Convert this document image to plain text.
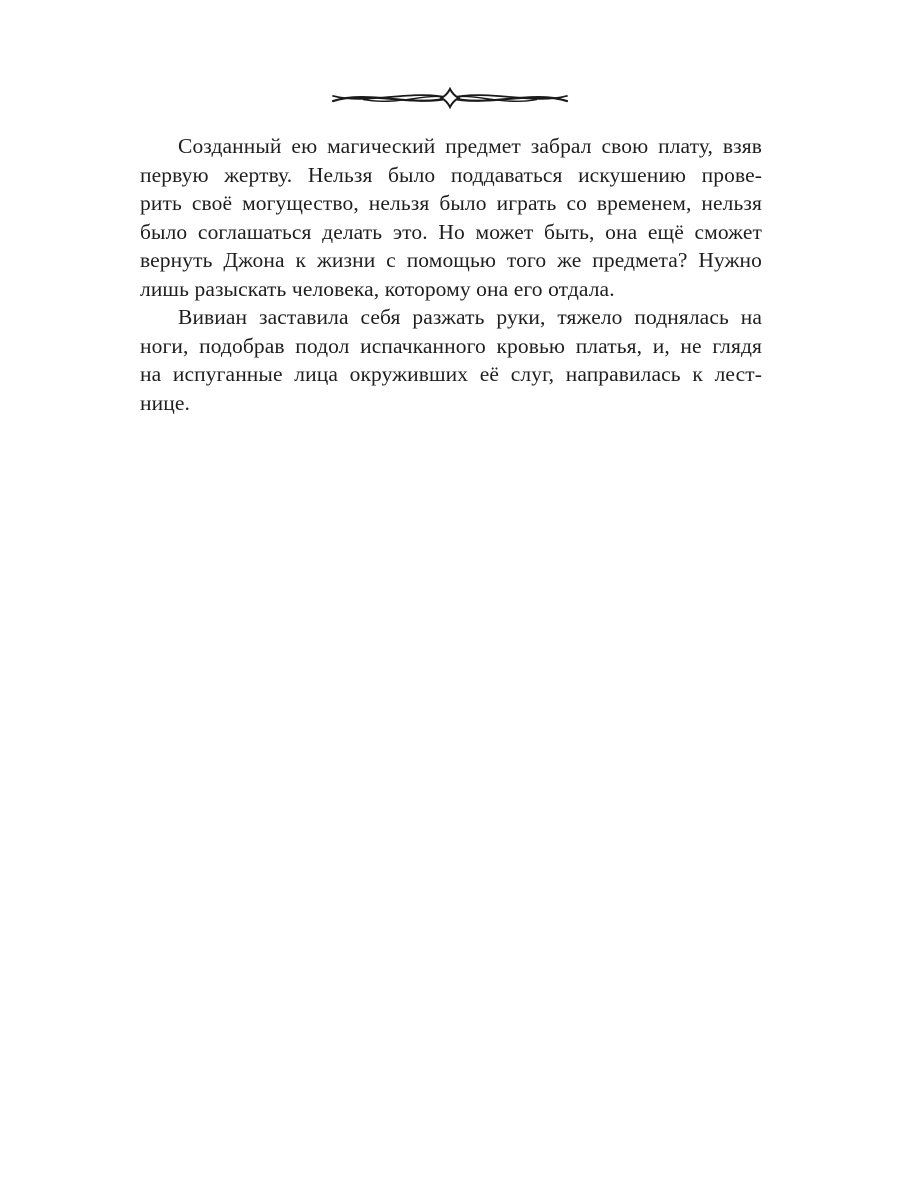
Созданный ею магический предмет забрал свою плату, взяв
первую жертву. Нельзя было поддаваться искушению прове-
рить своё могущество, нельзя было играть со временем, нельзя
было соглашаться делать это. Но может быть, она ещё сможет
вернуть Джона к жизни с помощью того же предмета? Нужно
лишь разыскать человека, которому она его отдала.
Вивиан заставила себя разжать руки, тяжело поднялась на
ноги, подобрав подол испачканного кровью платья, и, не глядя
на испуганные лица окруживших её слуг, направилась к лест-
нице.
